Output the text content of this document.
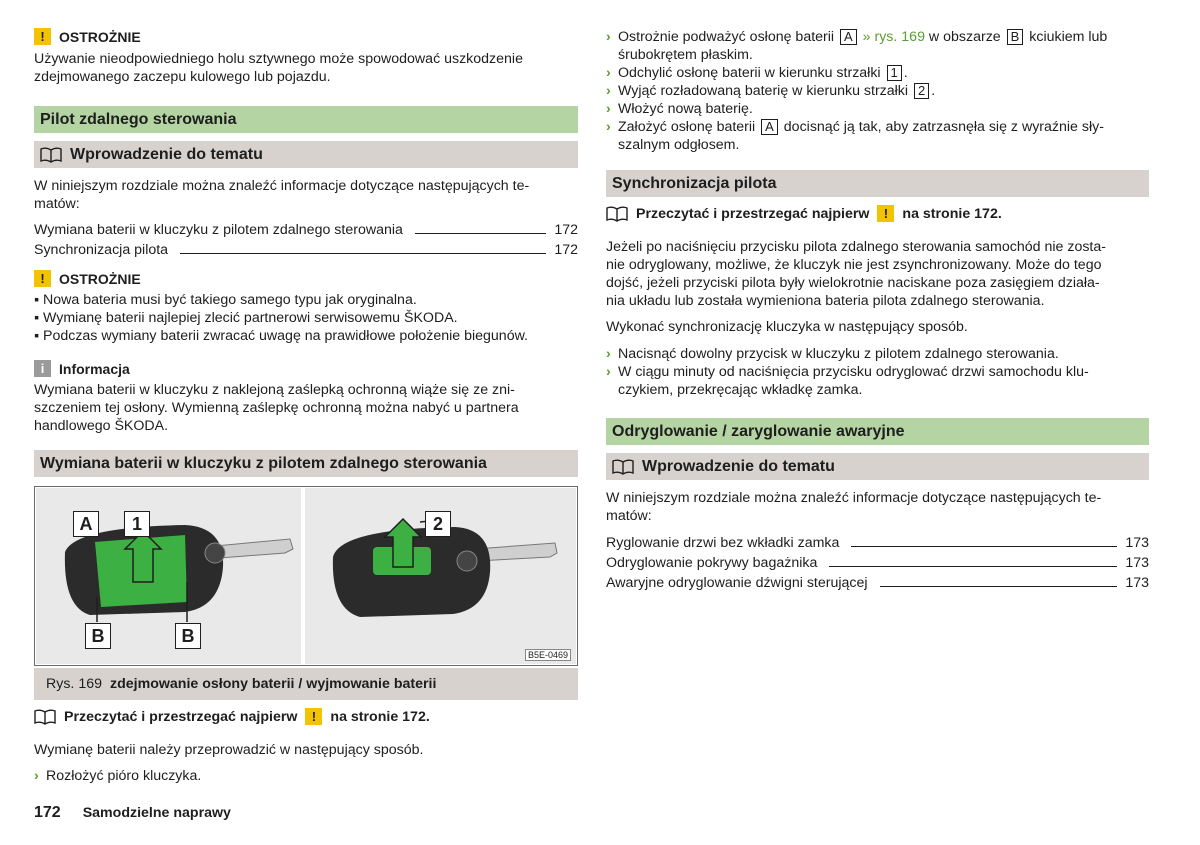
!	OSTROŻNIE
Używanie nieodpowiedniego holu sztywnego może spowodować uszkodzenie
zdejmowanego zaczepu kulowego lub pojazdu.
Pilot zdalnego sterowania
Wprowadzenie do tematu
W niniejszym rozdziale można znaleźć informacje dotyczące następujących te-
matów:
Wymiana baterii w kluczyku z pilotem zdalnego sterowania	172
Synchronizacja pilota	172
!	OSTROŻNIE
▪ Nowa bateria musi być takiego samego typu jak oryginalna.
▪ Wymianę baterii najlepiej zlecić partnerowi serwisowemu ŠKODA.
▪ Podczas wymiany baterii zwracać uwagę na prawidłowe położenie biegunów.
i	Informacja
Wymiana baterii w kluczyku z naklejoną zaślepką ochronną wiąże się ze zni-
szczeniem tej osłony. Wymienną zaślepkę ochronną można nabyć u partnera
handlowego ŠKODA.
Wymiana baterii w kluczyku z pilotem zdalnego sterowania
A	1
B	B
2
B5E-0469
Rys. 169 zdejmowanie osłony baterii / wyjmowanie baterii
Przeczytać i przestrzegać najpierw	!	na stronie 172.
Wymianę baterii należy przeprowadzić w następujący sposób.
› Rozłożyć pióro kluczyka.
172 Samodzielne naprawy
› Ostrożnie podważyć osłonę baterii A » rys. 169 w obszarze B kciukiem lub
śrubokrętem płaskim.
› Odchylić osłonę baterii w kierunku strzałki 1 .
› Wyjąć rozładowaną baterię w kierunku strzałki 2 .
› Włożyć nową baterię.
› Założyć osłonę baterii A docisnąć ją tak, aby zatrzasnęła się z wyraźnie sły-
szalnym odgłosem.
Synchronizacja pilota
Przeczytać i przestrzegać najpierw	!	na stronie 172.
Jeżeli po naciśnięciu przycisku pilota zdalnego sterowania samochód nie zosta-
nie odryglowany, możliwe, że kluczyk nie jest zsynchronizowany. Może do tego
dojść, jeżeli przyciski pilota były wielokrotnie naciskane poza zasięgiem działa-
nia układu lub została wymieniona bateria pilota zdalnego sterowania.
Wykonać synchronizację kluczyka w następujący sposób.
› Nacisnąć dowolny przycisk w kluczyku z pilotem zdalnego sterowania.
› W ciągu minuty od naciśnięcia przycisku odryglować drzwi samochodu klu-
czykiem, przekręcając wkładkę zamka.
Odryglowanie / zaryglowanie awaryjne
Wprowadzenie do tematu
W niniejszym rozdziale można znaleźć informacje dotyczące następujących te-
matów:
Ryglowanie drzwi bez wkładki zamka	173
Odryglowanie pokrywy bagażnika	173
Awaryjne odryglowanie dźwigni sterującej	173
